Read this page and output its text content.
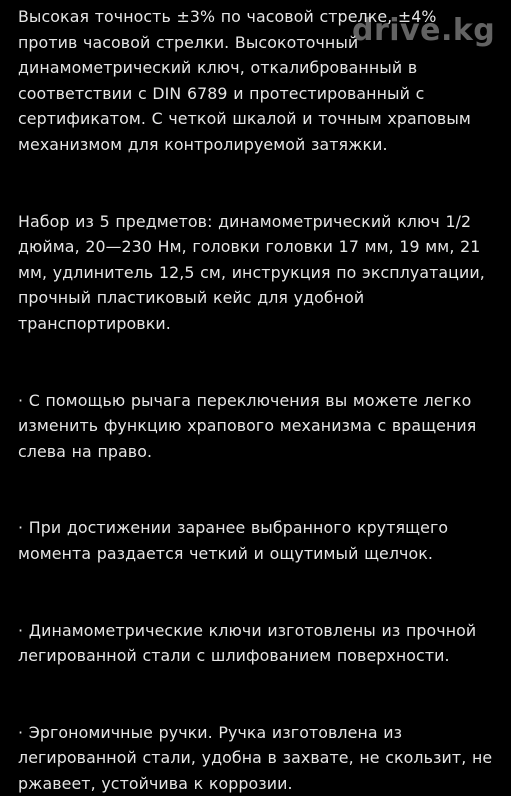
Высокая точность ±3% по часовой стрелке, ±4% против часовой стрелки. Высокоточный динамометрический ключ, откалиброванный в соответствии с DIN 6789 и протестированный с сертификатом. С четкой шкалой и точным храповым механизмом для контролируемой затяжки.

Набор из 5 предметов: динамометрический ключ 1/2 дюйма, 20—230 Нм, головки головки 17 мм, 19 мм, 21 мм, удлинитель 12,5 см, инструкция по эксплуатации, прочный пластиковый кейс для удобной транспортировки.

· С помощью рычага переключения вы можете легко изменить функцию храпового механизма с вращения слева на право.

· При достижении заранее выбранного крутящего момента раздается четкий и ощутимый щелчок.

· Динамометрические ключи изготовлены из прочной легированной стали с шлифованием поверхности.

· Эргономичные ручки. Ручка изготовлена из легированной стали, удобна в захвате, не скользит, не ржавеет, устойчива к коррозии.

drive.kg
